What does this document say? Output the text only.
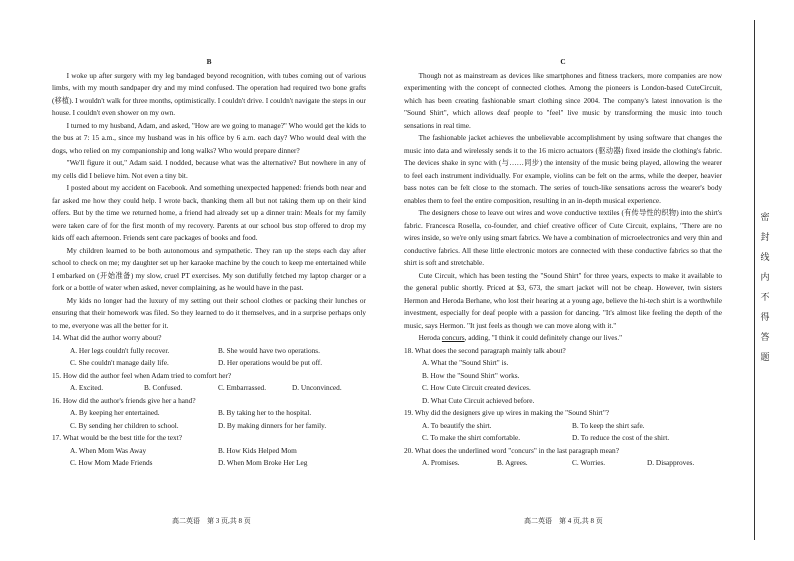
B

I woke up after surgery with my leg bandaged beyond recognition, with tubes coming out of various limbs, with my mouth sandpaper dry and my mind confused. The operation had required two bone grafts (移植). I wouldn't walk for three months, optimistically. I couldn't drive. I couldn't navigate the steps in our house. I couldn't even shower on my own.

I turned to my husband, Adam, and asked, "How are we going to manage?" Who would get the kids to the bus at 7: 15 a.m., since my husband was in his office by 6 a.m. each day? Who would deal with the dogs, who relied on my companionship and long walks? Who would prepare dinner?

"We'll figure it out," Adam said. I nodded, because what was the alternative? But nowhere in any of my cells did I believe him. Not even a tiny bit.

I posted about my accident on Facebook. And something unexpected happened: friends both near and far asked me how they could help. I wrote back, thanking them all but not taking them up on their kind offers. But by the time we returned home, a friend had already set up a dinner train: Meals for my family were taken care of for the first month of my recovery. Parents at our school bus stop offered to drop my kids off each afternoon. Friends sent care packages of books and food.

My children learned to be both autonomous and sympathetic. They ran up the steps each day after school to check on me; my daughter set up her karaoke machine by the couch to keep me entertained while I embarked on (开始准备) my slow, cruel PT exercises. My son dutifully fetched my laptop charger or a fork or a bottle of water when asked, never complaining, as he would have in the past.

My kids no longer had the luxury of my setting out their school clothes or packing their lunches or ensuring that their homework was filed. So they learned to do it themselves, and in a surprise perhaps only to me, everyone was all the better for it.

14. What did the author worry about?

A. Her legs couldn't fully recover.	B. She would have two operations.
C. She couldn't manage daily life.	D. Her operations would be put off.

15. How did the author feel when Adam tried to comfort her?

A. Excited.	B. Confused.	C. Embarrassed.	D. Unconvinced.

16. How did the author's friends give her a hand?

A. By keeping her entertained.	B. By taking her to the hospital.
C. By sending her children to school.	D. By making dinners for her family.

17. What would be the best title for the text?

A. When Mom Was Away	B. How Kids Helped Mom
C. How Mom Made Friends	D. When Mom Broke Her Leg
C

Though not as mainstream as devices like smartphones and fitness trackers, more companies are now experimenting with the concept of connected clothes. Among the pioneers is London-based CuteCircuit, which has been creating fashionable smart clothing since 2004. The company's latest innovation is the "Sound Shirt", which allows deaf people to "feel" live music by transforming the music into touch sensations in real time.

The fashionable jacket achieves the unbelievable accomplishment by using software that changes the music into data and wirelessly sends it to the 16 micro actuators (驱动器) fixed inside the clothing's fabric. The devices shake in sync with (与……同步) the intensity of the music being played, allowing the wearer to feel each instrument individually. For example, violins can be felt on the arms, while the deeper, heavier bass notes can be felt close to the stomach. The series of touch-like sensations across the wearer's body enables them to feel the entire composition, resulting in an in-depth musical experience.

The designers chose to leave out wires and wove conductive textiles (有传导性的织物) into the shirt's fabric. Francesca Rosella, co-founder, and chief creative officer of Cute Circuit, explains, "There are no wires inside, so we're only using smart fabrics. We have a combination of microelectronics and very thin and conductive fabrics. All these little electronic motors are connected with these conductive fabrics so that the shirt is soft and stretchable.

Cute Circuit, which has been testing the "Sound Shirt" for three years, expects to make it available to the general public shortly. Priced at $3, 673, the smart jacket will not be cheap. However, twin sisters Hermon and Heroda Berhane, who lost their hearing at a young age, believe the hi-tech shirt is a worthwhile investment, especially for deaf people with a passion for dancing. "It's almost like feeling the depth of the music, says Hermon. "It just feels as though we can move along with it."

Heroda concurs, adding, "I think it could definitely change our lives."

18. What does the second paragraph mainly talk about?

A. What the "Sound Shirt" is.
B. How the "Sound Shirt" works.
C. How Cute Circuit created devices.
D. What Cute Circuit achieved before.

19. Why did the designers give up wires in making the "Sound Shirt"?

A. To beautify the shirt.	B. To keep the shirt safe.
C. To make the shirt comfortable.	D. To reduce the cost of the shirt.

20. What does the underlined word "concurs" in the last paragraph mean?

A. Promises.	B. Agrees.	C. Worries.	D. Disapproves.
高二英语　第 3 页,共 8 页	高二英语　第 4 页,共 8 页
密封线内不得答题
